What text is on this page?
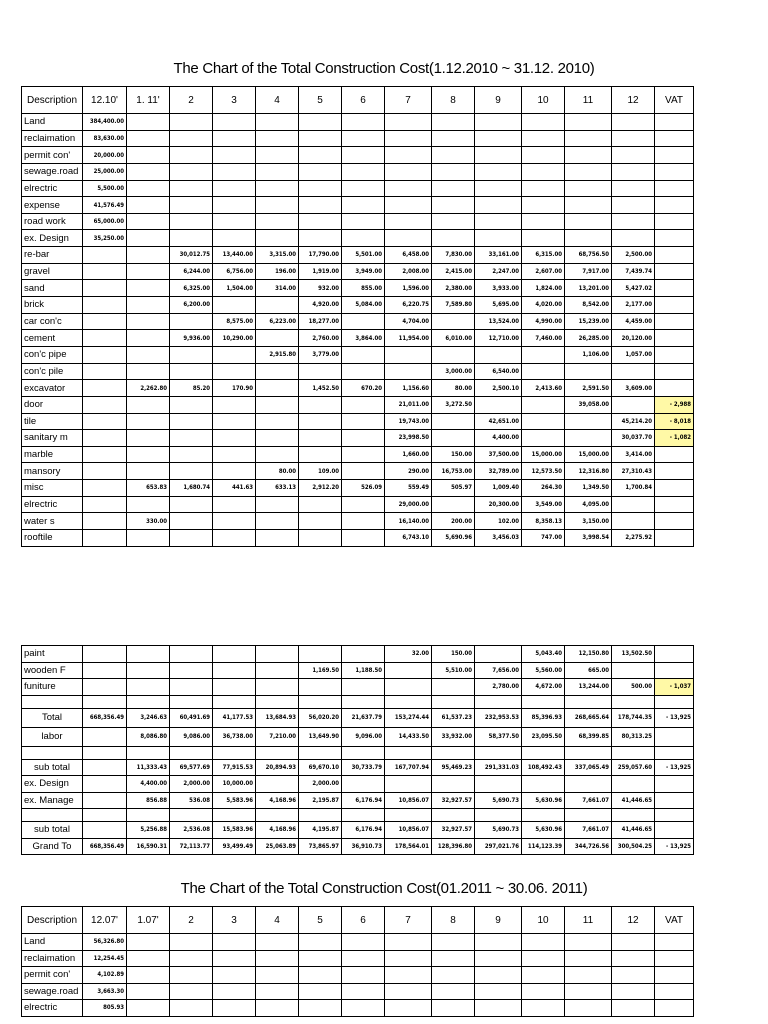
The Chart of the Total Construction Cost(1.12.2010 ~ 31.12. 2010)
Description	12.10'	1. 11'	2	3	4	5	6	7	8	9	10	11	12	VAT
Land	384,400.00													
reclaimation	83,630.00													
permit con'	20,000.00													
sewage.road	25,000.00													
elrectric	5,500.00													
expense	41,576.49													
road work	65,000.00													
ex. Design	35,250.00													
re-bar			30,012.75	13,440.00	3,315.00	17,790.00	5,501.00	6,458.00	7,830.00	33,161.00	6,315.00	68,756.50	2,500.00	
gravel			6,244.00	6,756.00	196.00	1,919.00	3,949.00	2,008.00	2,415.00	2,247.00	2,607.00	7,917.00	7,439.74	
sand			6,325.00	1,504.00	314.00	932.00	855.00	1,596.00	2,380.00	3,933.00	1,824.00	13,201.00	5,427.02	
brick			6,200.00			4,920.00	5,084.00	6,220.75	7,589.80	5,695.00	4,020.00	8,542.00	2,177.00	
car con'c				8,575.00	6,223.00	18,277.00		4,704.00		13,524.00	4,990.00	15,239.00	4,459.00	
cement			9,936.00	10,290.00		2,760.00	3,864.00	11,954.00	6,010.00	12,710.00	7,460.00	26,285.00	20,120.00	
con'c pipe					2,915.80	3,779.00						1,106.00	1,057.00	
con'c pile									3,000.00	6,540.00				
excavator		2,262.80	85.20	170.90		1,452.50	670.20	1,156.60	80.00	2,500.10	2,413.60	2,591.50	3,609.00	
door								21,011.00	3,272.50			39,058.00		- 2,988
tile								19,743.00		42,651.00			45,214.20	- 8,018
sanitary m								23,998.50		4,400.00			30,037.70	- 1,082
marble								1,660.00	150.00	37,500.00	15,000.00	15,000.00	3,414.00	
mansory					80.00	109.00		290.00	16,753.00	32,789.00	12,573.50	12,316.80	27,310.43	
misc		653.83	1,680.74	441.63	633.13	2,912.20	526.09	559.49	505.97	1,009.40	264.30	1,349.50	1,700.84	
elrectric								29,000.00		20,300.00	3,549.00	4,095.00		
water s		330.00						16,140.00	200.00	102.00	8,358.13	3,150.00		
rooftile								6,743.10	5,690.96	3,456.03	747.00	3,998.54	2,275.92	
paint								32.00	150.00		5,043.40	12,150.80	13,502.50	
wooden F						1,169.50	1,188.50		5,510.00	7,656.00	5,560.00	665.00		
funiture										2,780.00	4,672.00	13,244.00	500.00	- 1,037

Total	668,356.49	3,246.63	60,491.69	41,177.53	13,684.93	56,020.20	21,637.79	153,274.44	61,537.23	232,953.53	85,396.93	268,665.64	178,744.35	- 13,925
labor		8,086.80	9,086.00	36,738.00	7,210.00	13,649.90	9,096.00	14,433.50	33,932.00	58,377.50	23,095.50	68,399.85	80,313.25	

sub total		11,333.43	69,577.69	77,915.53	20,894.93	69,670.10	30,733.79	167,707.94	95,469.23	291,331.03	108,492.43	337,065.49	259,057.60	- 13,925
ex. Design		4,400.00	2,000.00	10,000.00		2,000.00								
ex. Manage		856.88	536.08	5,583.96	4,168.96	2,195.87	6,176.94	10,856.07	32,927.57	5,690.73	5,630.96	7,661.07	41,446.65	

sub total		5,256.88	2,536.08	15,583.96	4,168.96	4,195.87	6,176.94	10,856.07	32,927.57	5,690.73	5,630.96	7,661.07	41,446.65	
Grand To	668,356.49	16,590.31	72,113.77	93,499.49	25,063.89	73,865.97	36,910.73	178,564.01	128,396.80	297,021.76	114,123.39	344,726.56	300,504.25	- 13,925
The Chart of the Total Construction Cost(01.2011 ~ 30.06. 2011)
Description	12.07'	1.07'	2	3	4	5	6	7	8	9	10	11	12	VAT
Land	56,326.80													
reclaimation	12,254.45													
permit con'	4,102.89													
sewage.road	3,663.30													
elrectric	805.93													
